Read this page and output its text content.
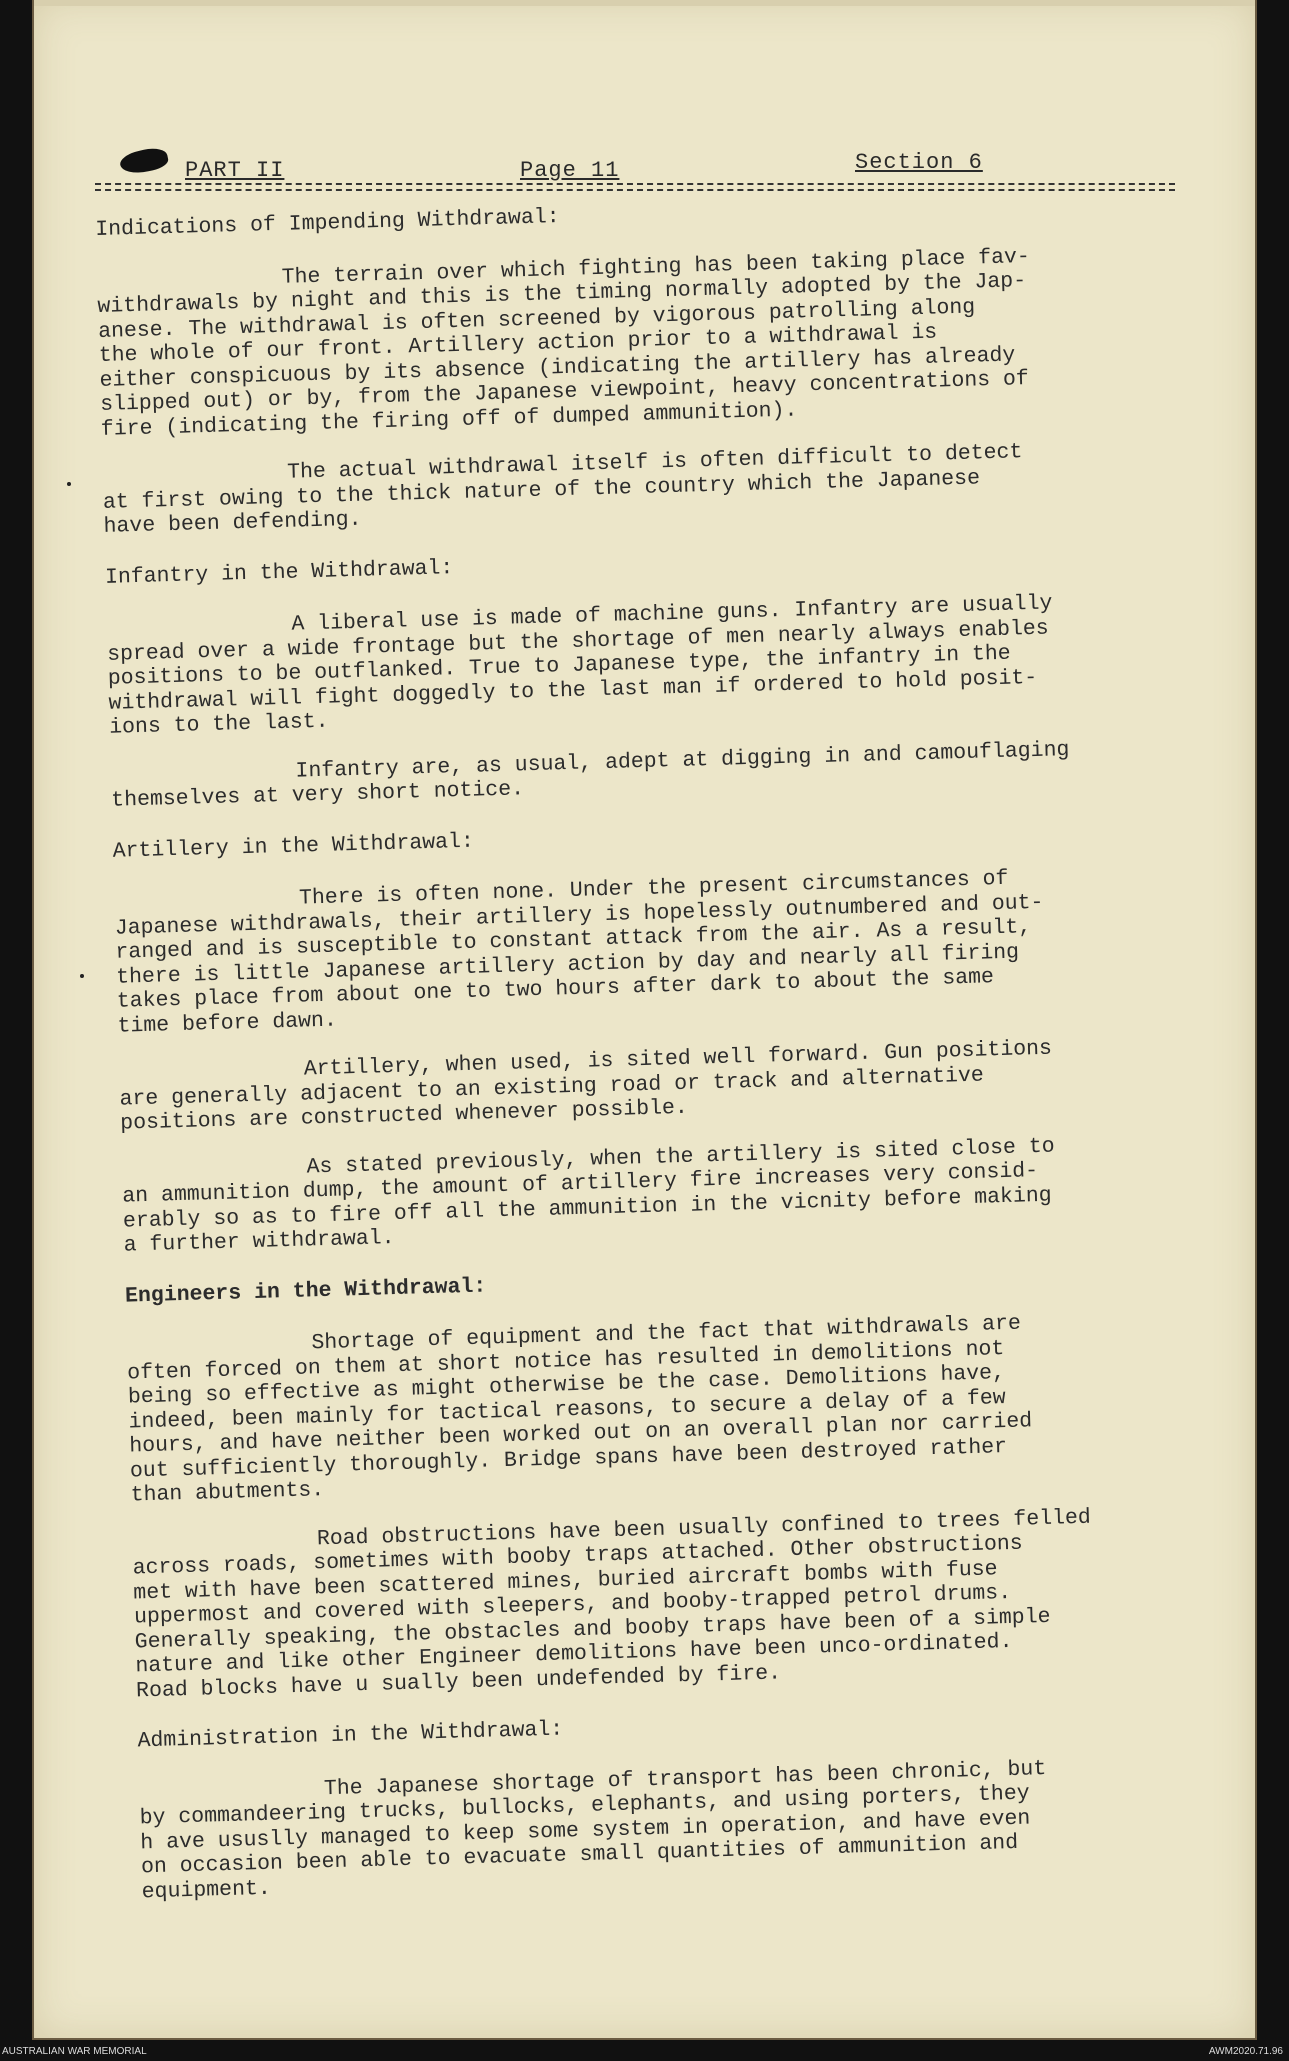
PART II	Page 11	Section 6
Indications of Impending Withdrawal:
The terrain over which fighting has been taking place fav-
withdrawals by night and this is the timing normally adopted by the Jap-
anese. The withdrawal is often screened by vigorous patrolling along
the whole of our front. Artillery action prior to a withdrawal is
either conspicuous by its absence (indicating the artillery has already
slipped out) or by, from the Japanese viewpoint, heavy concentrations of
fire (indicating the firing off of dumped ammunition).
The actual withdrawal itself is often difficult to detect
at first owing to the thick nature of the country which the Japanese
have been defending.
Infantry in the Withdrawal:
A liberal use is made of machine guns. Infantry are usually
spread over a wide frontage but the shortage of men nearly always enables
positions to be outflanked. True to Japanese type, the infantry in the
withdrawal will fight doggedly to the last man if ordered to hold posit-
ions to the last.
Infantry are, as usual, adept at digging in and camouflaging
themselves at very short notice.
Artillery in the Withdrawal:
There is often none. Under the present circumstances of
Japanese withdrawals, their artillery is hopelessly outnumbered and out-
ranged and is susceptible to constant attack from the air. As a result,
there is little Japanese artillery action by day and nearly all firing
takes place from about one to two hours after dark to about the same
time before dawn.
Artillery, when used, is sited well forward. Gun positions
are generally adjacent to an existing road or track and alternative
positions are constructed whenever possible.
As stated previously, when the artillery is sited close to
an ammunition dump, the amount of artillery fire increases very consid-
erably so as to fire off all the ammunition in the vicnity before making
a further withdrawal.
Engineers in the Withdrawal:
Shortage of equipment and the fact that withdrawals are
often forced on them at short notice has resulted in demolitions not
being so effective as might otherwise be the case. Demolitions have,
indeed, been mainly for tactical reasons, to secure a delay of a few
hours, and have neither been worked out on an overall plan nor carried
out sufficiently thoroughly. Bridge spans have been destroyed rather
than abutments.
Road obstructions have been usually confined to trees felled
across roads, sometimes with booby traps attached. Other obstructions
met with have been scattered mines, buried aircraft bombs with fuse
uppermost and covered with sleepers, and booby-trapped petrol drums.
Generally speaking, the obstacles and booby traps have been of a simple
nature and like other Engineer demolitions have been unco-ordinated.
Road blocks have u sually been undefended by fire.
Administration in the Withdrawal:
The Japanese shortage of transport has been chronic, but
by commandeering trucks, bullocks, elephants, and using porters, they
h ave ususlly managed to keep some system in operation, and have even
on occasion been able to evacuate small quantities of ammunition and
equipment.
AUSTRALIAN WAR MEMORIAL	AWM2020.71.96
